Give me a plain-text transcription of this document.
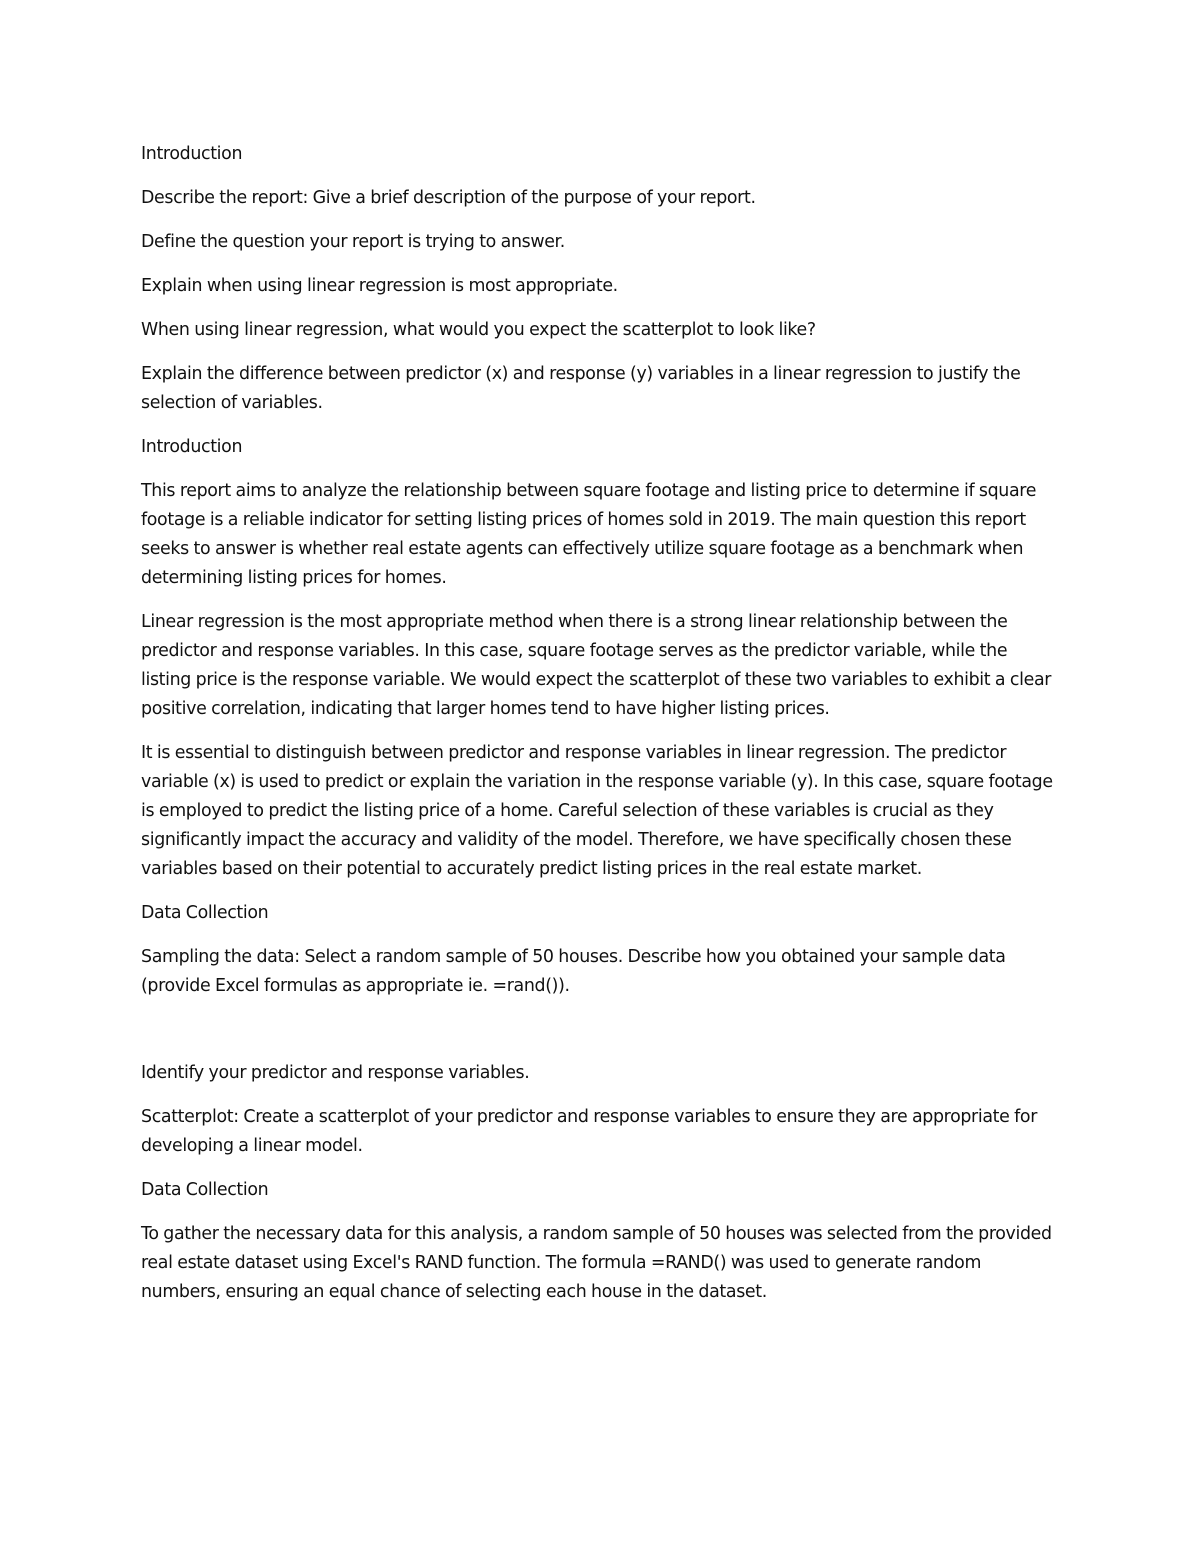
Introduction

Describe the report: Give a brief description of the purpose of your report.

Define the question your report is trying to answer.

Explain when using linear regression is most appropriate.

When using linear regression, what would you expect the scatterplot to look like?

Explain the difference between predictor (x) and response (y) variables in a linear regression to justify the selection of variables.

Introduction

This report aims to analyze the relationship between square footage and listing price to determine if square footage is a reliable indicator for setting listing prices of homes sold in 2019. The main question this report seeks to answer is whether real estate agents can effectively utilize square footage as a benchmark when determining listing prices for homes.

Linear regression is the most appropriate method when there is a strong linear relationship between the predictor and response variables. In this case, square footage serves as the predictor variable, while the listing price is the response variable. We would expect the scatterplot of these two variables to exhibit a clear positive correlation, indicating that larger homes tend to have higher listing prices.

It is essential to distinguish between predictor and response variables in linear regression. The predictor variable (x) is used to predict or explain the variation in the response variable (y). In this case, square footage is employed to predict the listing price of a home. Careful selection of these variables is crucial as they significantly impact the accuracy and validity of the model. Therefore, we have specifically chosen these variables based on their potential to accurately predict listing prices in the real estate market.

Data Collection

Sampling the data: Select a random sample of 50 houses. Describe how you obtained your sample data (provide Excel formulas as appropriate ie. =rand()).

Identify your predictor and response variables.

Scatterplot: Create a scatterplot of your predictor and response variables to ensure they are appropriate for developing a linear model.

Data Collection

To gather the necessary data for this analysis, a random sample of 50 houses was selected from the provided real estate dataset using Excel's RAND function. The formula =RAND() was used to generate random numbers, ensuring an equal chance of selecting each house in the dataset.
